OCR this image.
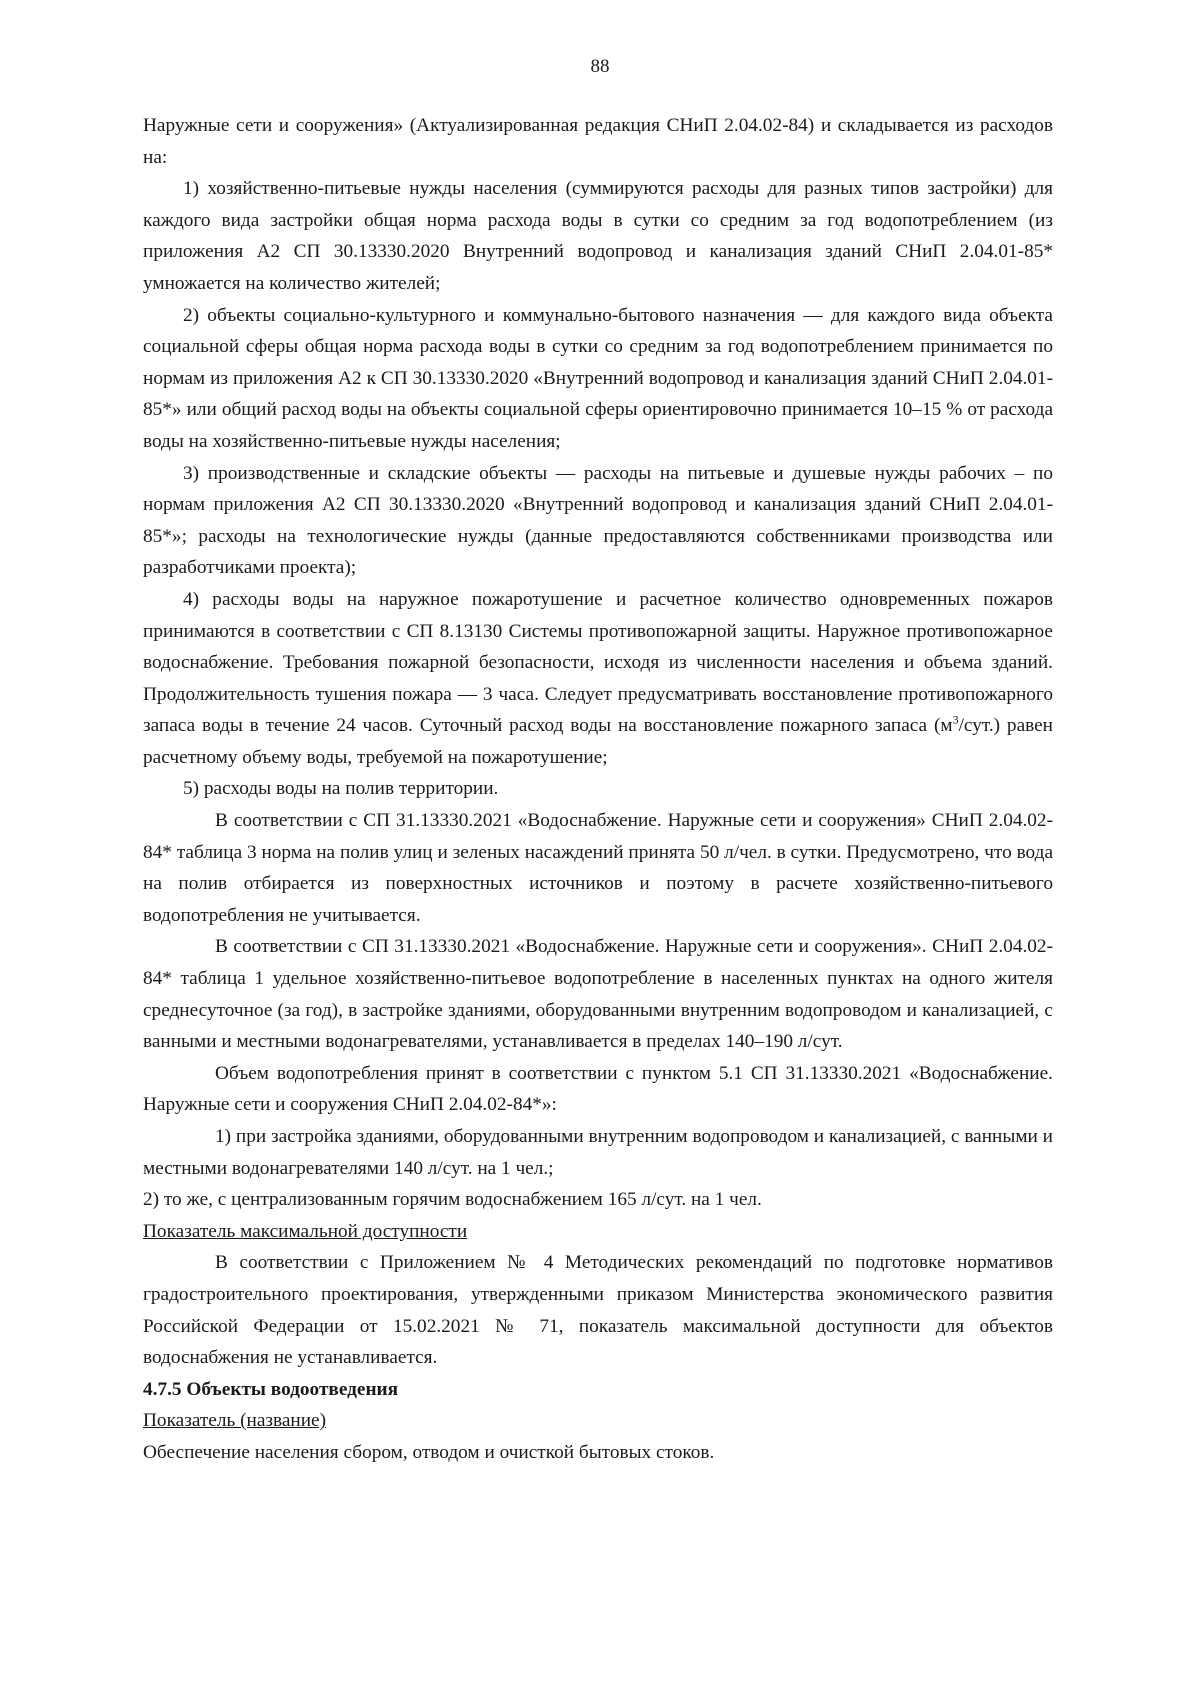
88

Наружные сети и сооружения» (Актуализированная редакция СНиП 2.04.02-84) и складывается из расходов на:

1) хозяйственно-питьевые нужды населения (суммируются расходы для разных типов застройки) для каждого вида застройки общая норма расхода воды в сутки со средним за год водопотреблением (из приложения А2 СП 30.13330.2020 Внутренний водопровод и канализация зданий СНиП 2.04.01-85* умножается на количество жителей;

2) объекты социально-культурного и коммунально-бытового назначения — для каждого вида объекта социальной сферы общая норма расхода воды в сутки со средним за год водопотреблением принимается по нормам из приложения А2 к СП 30.13330.2020 «Внутренний водопровод и канализация зданий СНиП 2.04.01-85*» или общий расход воды на объекты социальной сферы ориентировочно принимается 10–15 % от расхода воды на хозяйственно-питьевые нужды населения;

3) производственные и складские объекты — расходы на питьевые и душевые нужды рабочих – по нормам приложения А2 СП 30.13330.2020 «Внутренний водопровод и канализация зданий СНиП 2.04.01-85*»; расходы на технологические нужды (данные предоставляются собственниками производства или разработчиками проекта);

4) расходы воды на наружное пожаротушение и расчетное количество одновременных пожаров принимаются в соответствии с СП 8.13130 Системы противопожарной защиты. Наружное противопожарное водоснабжение. Требования пожарной безопасности, исходя из численности населения и объема зданий. Продолжительность тушения пожара — 3 часа. Следует предусматривать восстановление противопожарного запаса воды в течение 24 часов. Суточный расход воды на восстановление пожарного запаса $(м^3/сут.)$ равен расчетному объему воды, требуемой на пожаротушение;

5) расходы воды на полив территории.

В соответствии с СП 31.13330.2021 «Водоснабжение. Наружные сети и сооружения» СНиП 2.04.02-84* таблица 3 норма на полив улиц и зеленых насаждений принята 50 л/чел. в сутки. Предусмотрено, что вода на полив отбирается из поверхностных источников и поэтому в расчете хозяйственно-питьевого водопотребления не учитывается.

В соответствии с СП 31.13330.2021 «Водоснабжение. Наружные сети и сооружения». СНиП 2.04.02-84* таблица 1 удельное хозяйственно-питьевое водопотребление в населенных пунктах на одного жителя среднесуточное (за год), в застройке зданиями, оборудованными внутренним водопроводом и канализацией, с ванными и местными водонагревателями, устанавливается в пределах 140–190 л/сут.

Объем водопотребления принят в соответствии с пунктом 5.1 СП 31.13330.2021 «Водоснабжение. Наружные сети и сооружения СНиП 2.04.02-84*»:

1) при застройка зданиями, оборудованными внутренним водопроводом и канализацией, с ванными и местными водонагревателями 140 л/сут. на 1 чел.;

2) то же, с централизованным горячим водоснабжением 165 л/сут. на 1 чел.

Показатель максимальной доступности

В соответствии с Приложением № 4 Методических рекомендаций по подготовке нормативов градостроительного проектирования, утвержденными приказом Министерства экономического развития Российской Федерации от 15.02.2021 № 71, показатель максимальной доступности для объектов водоснабжения не устанавливается.

4.7.5 Объекты водоотведения

Показатель (название)

Обеспечение населения сбором, отводом и очисткой бытовых стоков.
